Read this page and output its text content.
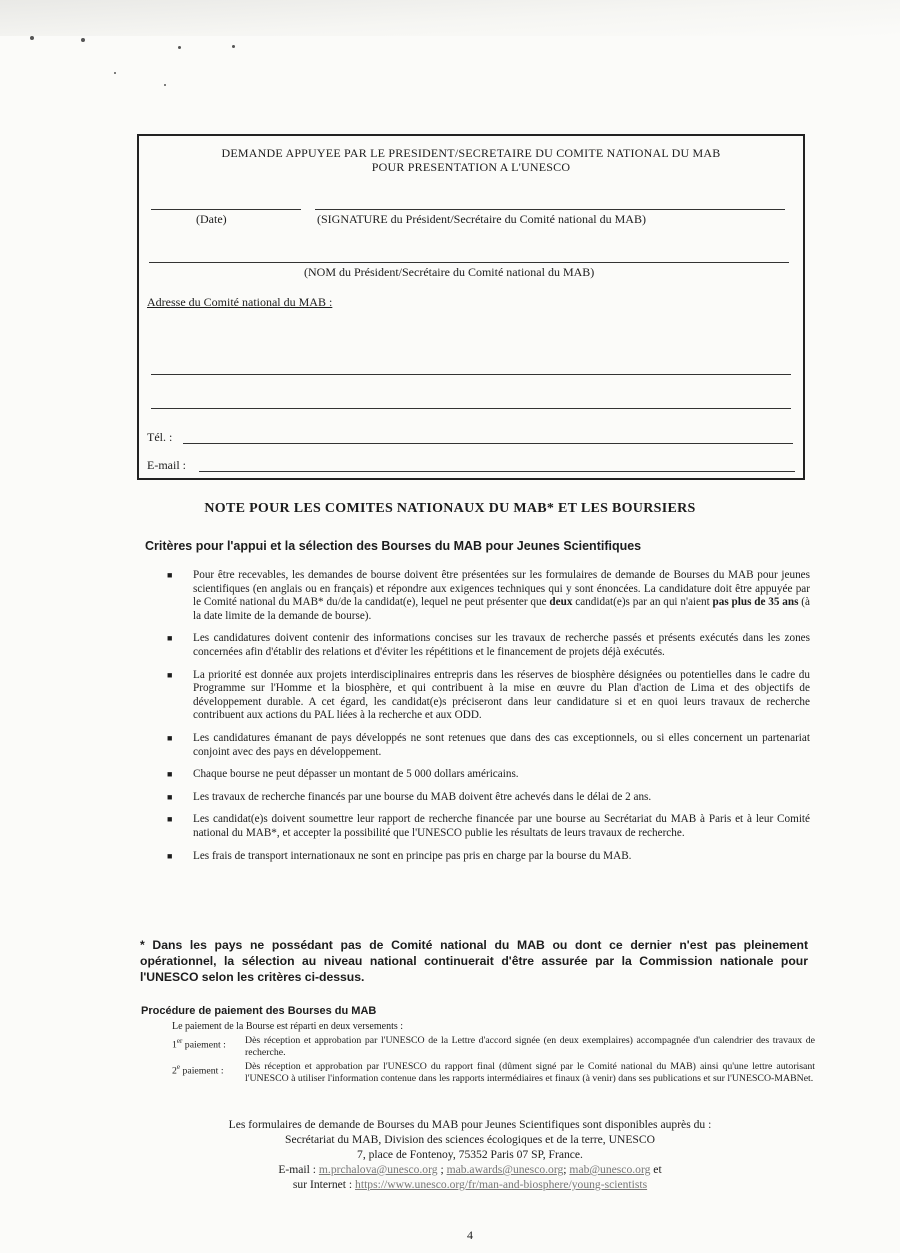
DEMANDE APPUYEE PAR LE PRESIDENT/SECRETAIRE DU COMITE NATIONAL DU MAB
POUR PRESENTATION A L'UNESCO
(Date)	(SIGNATURE du Président/Secrétaire du Comité national du MAB)
(NOM du Président/Secrétaire du Comité national du MAB)
Adresse du Comité national du MAB :
Tél. :
E-mail :
NOTE POUR LES COMITES NATIONAUX DU MAB* ET LES BOURSIERS
Critères pour l'appui et la sélection des Bourses du MAB pour Jeunes Scientifiques
■ Pour être recevables, les demandes de bourse doivent être présentées sur les formulaires de demande de Bourses du MAB pour jeunes scientifiques (en anglais ou en français) et répondre aux exigences techniques qui y sont énoncées. La candidature doit être appuyée par le Comité national du MAB* du/de la candidat(e), lequel ne peut présenter que deux candidat(e)s par an qui n'aient pas plus de 35 ans (à la date limite de la demande de bourse).
■ Les candidatures doivent contenir des informations concises sur les travaux de recherche passés et présents exécutés dans les zones concernées afin d'établir des relations et d'éviter les répétitions et le financement de projets déjà exécutés.
■ La priorité est donnée aux projets interdisciplinaires entrepris dans les réserves de biosphère désignées ou potentielles dans le cadre du Programme sur l'Homme et la biosphère, et qui contribuent à la mise en œuvre du Plan d'action de Lima et des objectifs de développement durable. A cet égard, les candidat(e)s préciseront dans leur candidature si et en quoi leurs travaux de recherche contribuent aux actions du PAL liées à la recherche et aux ODD.
■ Les candidatures émanant de pays développés ne sont retenues que dans des cas exceptionnels, ou si elles concernent un partenariat conjoint avec des pays en développement.
■ Chaque bourse ne peut dépasser un montant de 5 000 dollars américains.
■ Les travaux de recherche financés par une bourse du MAB doivent être achevés dans le délai de 2 ans.
■ Les candidat(e)s doivent soumettre leur rapport de recherche financée par une bourse au Secrétariat du MAB à Paris et à leur Comité national du MAB*, et accepter la possibilité que l'UNESCO publie les résultats de leurs travaux de recherche.
■ Les frais de transport internationaux ne sont en principe pas pris en charge par la bourse du MAB.
* Dans les pays ne possédant pas de Comité national du MAB ou dont ce dernier n'est pas pleinement opérationnel, la sélection au niveau national continuerait d'être assurée par la Commission nationale pour l'UNESCO selon les critères ci-dessus.
Procédure de paiement des Bourses du MAB
Le paiement de la Bourse est réparti en deux versements :
1er paiement :	Dès réception et approbation par l'UNESCO de la Lettre d'accord signée (en deux exemplaires) accompagnée d'un calendrier des travaux de recherche.
2e paiement :	Dès réception et approbation par l'UNESCO du rapport final (dûment signé par le Comité national du MAB) ainsi qu'une lettre autorisant l'UNESCO à utiliser l'information contenue dans les rapports intermédiaires et finaux (à venir) dans ses publications et sur l'UNESCO-MABNet.
Les formulaires de demande de Bourses du MAB pour Jeunes Scientifiques sont disponibles auprès du :
Secrétariat du MAB, Division des sciences écologiques et de la terre, UNESCO
7, place de Fontenoy, 75352 Paris 07 SP, France.
E-mail : m.prchalova@unesco.org ; mab.awards@unesco.org; mab@unesco.org et
sur Internet : https://www.unesco.org/fr/man-and-biosphere/young-scientists
4
